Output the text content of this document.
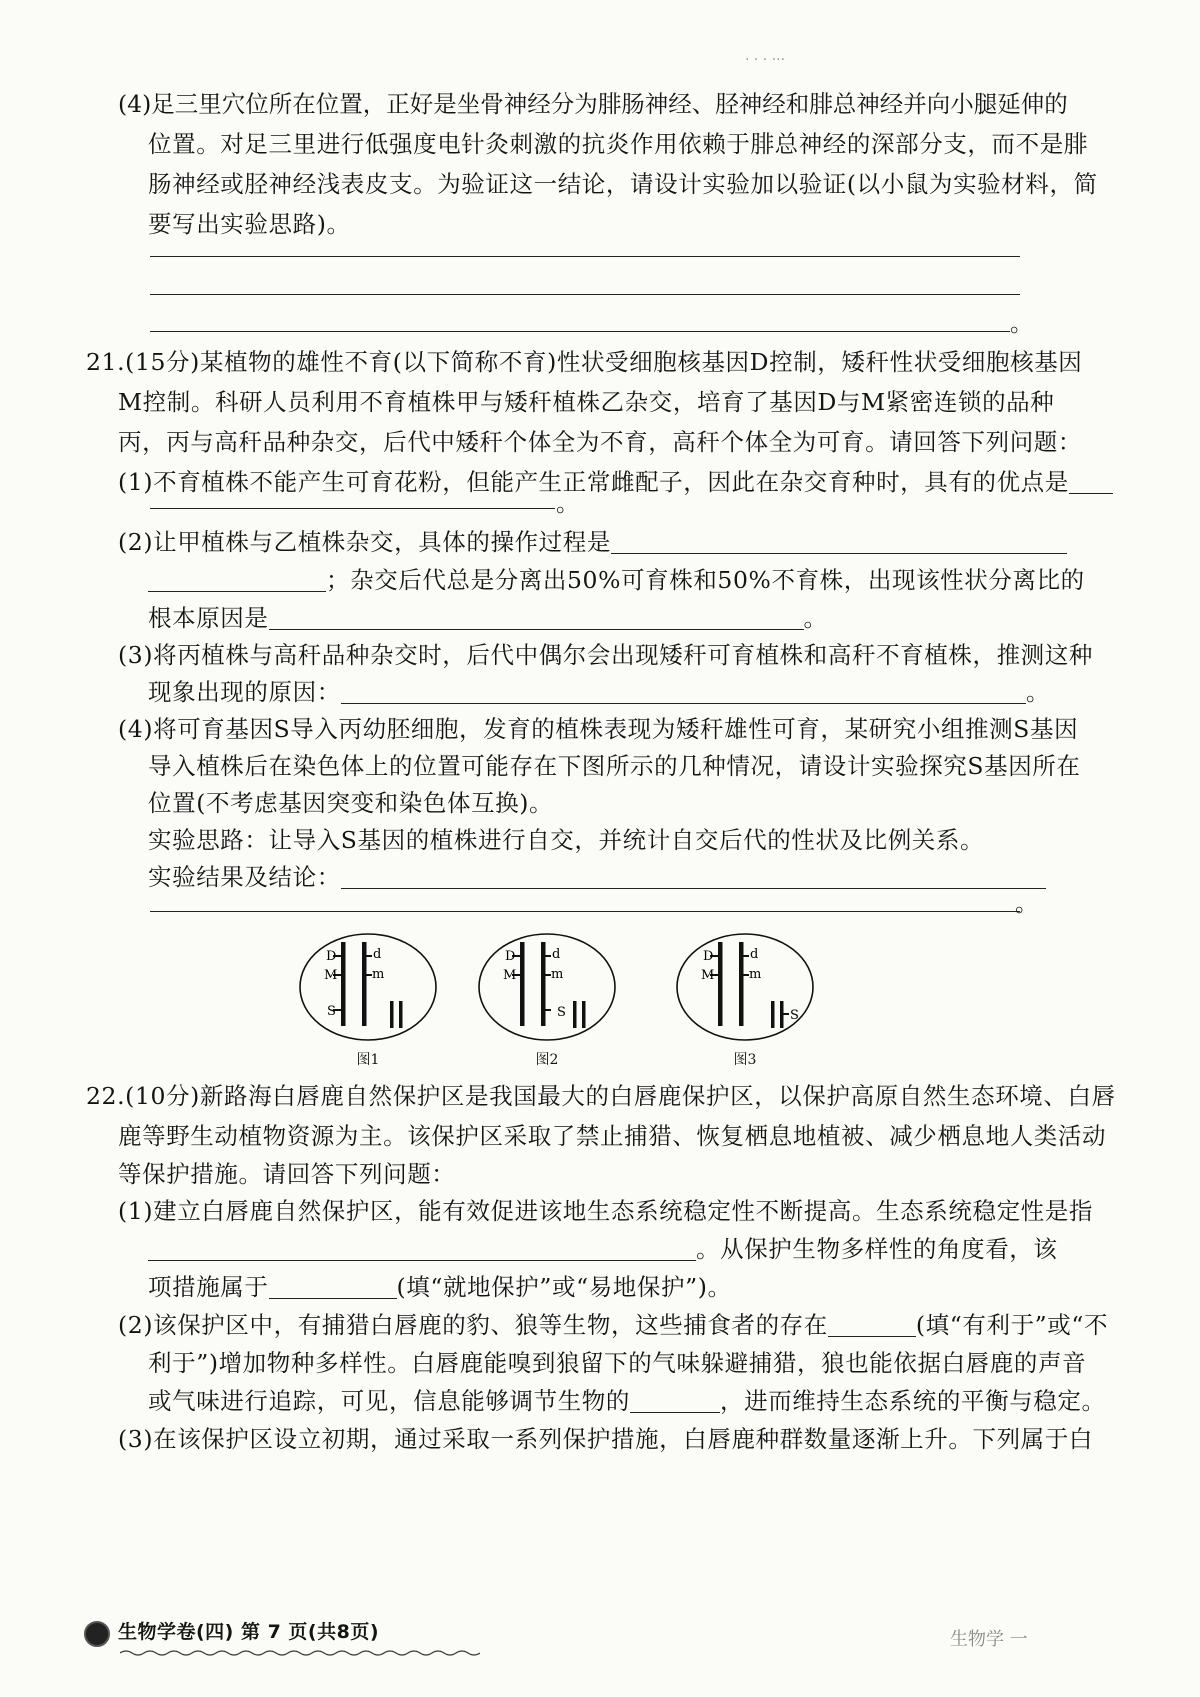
· · · ···
(4)足三里穴位所在位置，正好是坐骨神经分为腓肠神经、胫神经和腓总神经并向小腿延伸的
位置。对足三里进行低强度电针灸刺激的抗炎作用依赖于腓总神经的深部分支，而不是腓
肠神经或胫神经浅表皮支。为验证这一结论，请设计实验加以验证(以小鼠为实验材料，简
要写出实验思路)。
。
21.(15分)某植物的雄性不育(以下简称不育)性状受细胞核基因D控制，矮秆性状受细胞核基因
M控制。科研人员利用不育植株甲与矮秆植株乙杂交，培育了基因D与M紧密连锁的品种
丙，丙与高秆品种杂交，后代中矮秆个体全为不育，高秆个体全为可育。请回答下列问题：
(1)不育植株不能产生可育花粉，但能产生正常雌配子，因此在杂交育种时，具有的优点是
。
(2)让甲植株与乙植株杂交，具体的操作过程是
；杂交后代总是分离出50%可育株和50%不育株，出现该性状分离比的
根本原因是	。
(3)将丙植株与高秆品种杂交时，后代中偶尔会出现矮秆可育植株和高秆不育植株，推测这种
现象出现的原因：	。
(4)将可育基因S导入丙幼胚细胞，发育的植株表现为矮秆雄性可育，某研究小组推测S基因
导入植株后在染色体上的位置可能存在下图所示的几种情况，请设计实验探究S基因所在
位置(不考虑基因突变和染色体互换)。
实验思路：让导入S基因的植株进行自交，并统计自交后代的性状及比例关系。
实验结果及结论：
。
D
M
S
d
m
图1
D
M
d
m
S
图2
D
M
d
m
S
图3
22.(10分)新路海白唇鹿自然保护区是我国最大的白唇鹿保护区，以保护高原自然生态环境、白唇
鹿等野生动植物资源为主。该保护区采取了禁止捕猎、恢复栖息地植被、减少栖息地人类活动
等保护措施。请回答下列问题：
(1)建立白唇鹿自然保护区，能有效促进该地生态系统稳定性不断提高。生态系统稳定性是指
。从保护生物多样性的角度看，该
项措施属于	(填“就地保护”或“易地保护”)。
(2)该保护区中，有捕猎白唇鹿的豹、狼等生物，这些捕食者的存在	(填“有利于”或“不
利于”)增加物种多样性。白唇鹿能嗅到狼留下的气味躲避捕猎，狼也能依据白唇鹿的声音
或气味进行追踪，可见，信息能够调节生物的	，进而维持生态系统的平衡与稳定。
(3)在该保护区设立初期，通过采取一系列保护措施，白唇鹿种群数量逐渐上升。下列属于白
生物学卷(四) 第 7 页(共8页)	生物学 一
